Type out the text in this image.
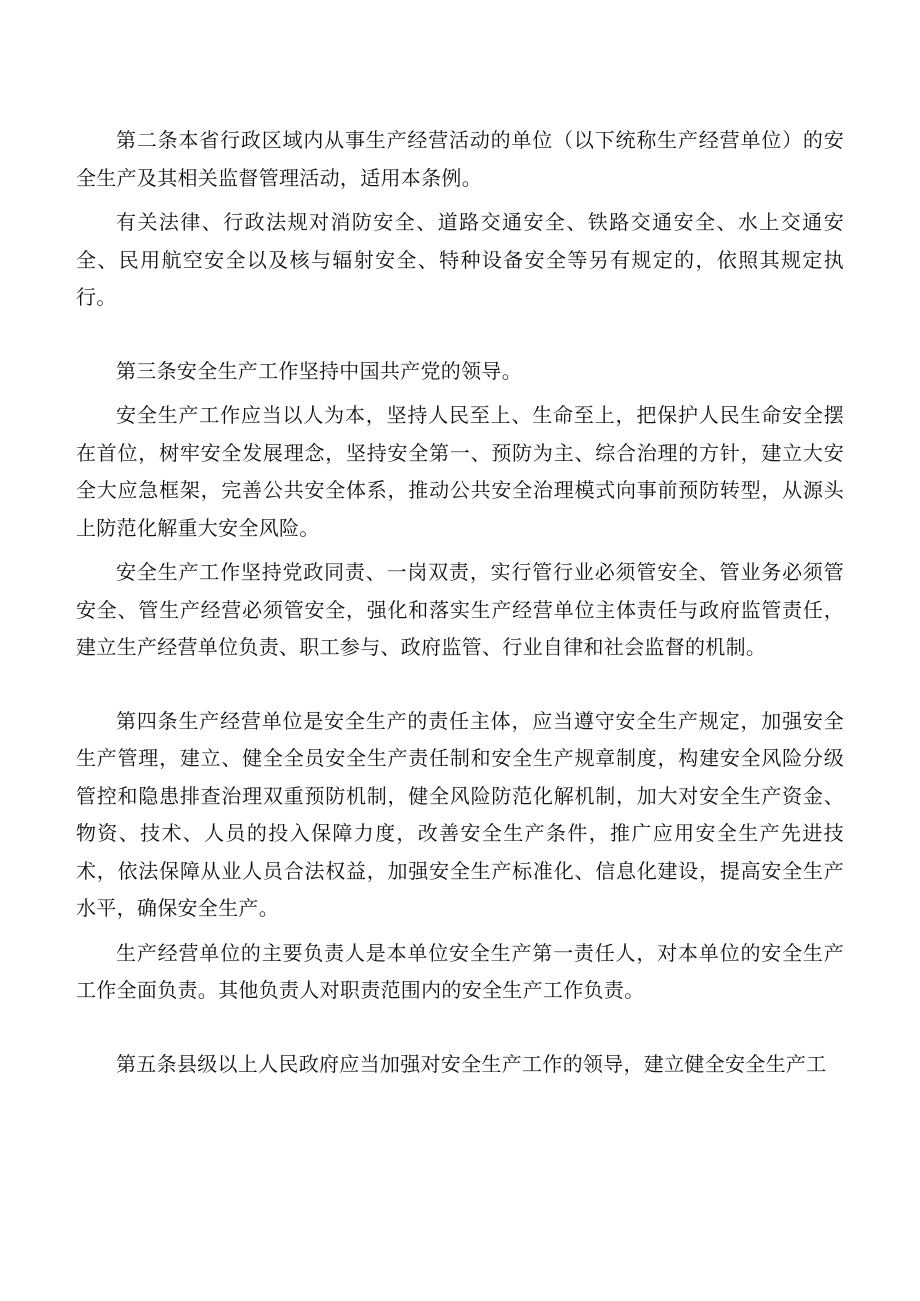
第二条本省行政区域内从事生产经营活动的单位（以下统称生产经营单位）的安全生产及其相关监督管理活动，适用本条例。

有关法律、行政法规对消防安全、道路交通安全、铁路交通安全、水上交通安全、民用航空安全以及核与辐射安全、特种设备安全等另有规定的，依照其规定执行。

第三条安全生产工作坚持中国共产党的领导。

安全生产工作应当以人为本，坚持人民至上、生命至上，把保护人民生命安全摆在首位，树牢安全发展理念，坚持安全第一、预防为主、综合治理的方针，建立大安全大应急框架，完善公共安全体系，推动公共安全治理模式向事前预防转型，从源头上防范化解重大安全风险。

安全生产工作坚持党政同责、一岗双责，实行管行业必须管安全、管业务必须管安全、管生产经营必须管安全，强化和落实生产经营单位主体责任与政府监管责任，建立生产经营单位负责、职工参与、政府监管、行业自律和社会监督的机制。

第四条生产经营单位是安全生产的责任主体，应当遵守安全生产规定，加强安全生产管理，建立、健全全员安全生产责任制和安全生产规章制度，构建安全风险分级管控和隐患排查治理双重预防机制，健全风险防范化解机制，加大对安全生产资金、物资、技术、人员的投入保障力度，改善安全生产条件，推广应用安全生产先进技术，依法保障从业人员合法权益，加强安全生产标准化、信息化建设，提高安全生产水平，确保安全生产。

生产经营单位的主要负责人是本单位安全生产第一责任人，对本单位的安全生产工作全面负责。其他负责人对职责范围内的安全生产工作负责。

第五条县级以上人民政府应当加强对安全生产工作的领导，建立健全安全生产工
